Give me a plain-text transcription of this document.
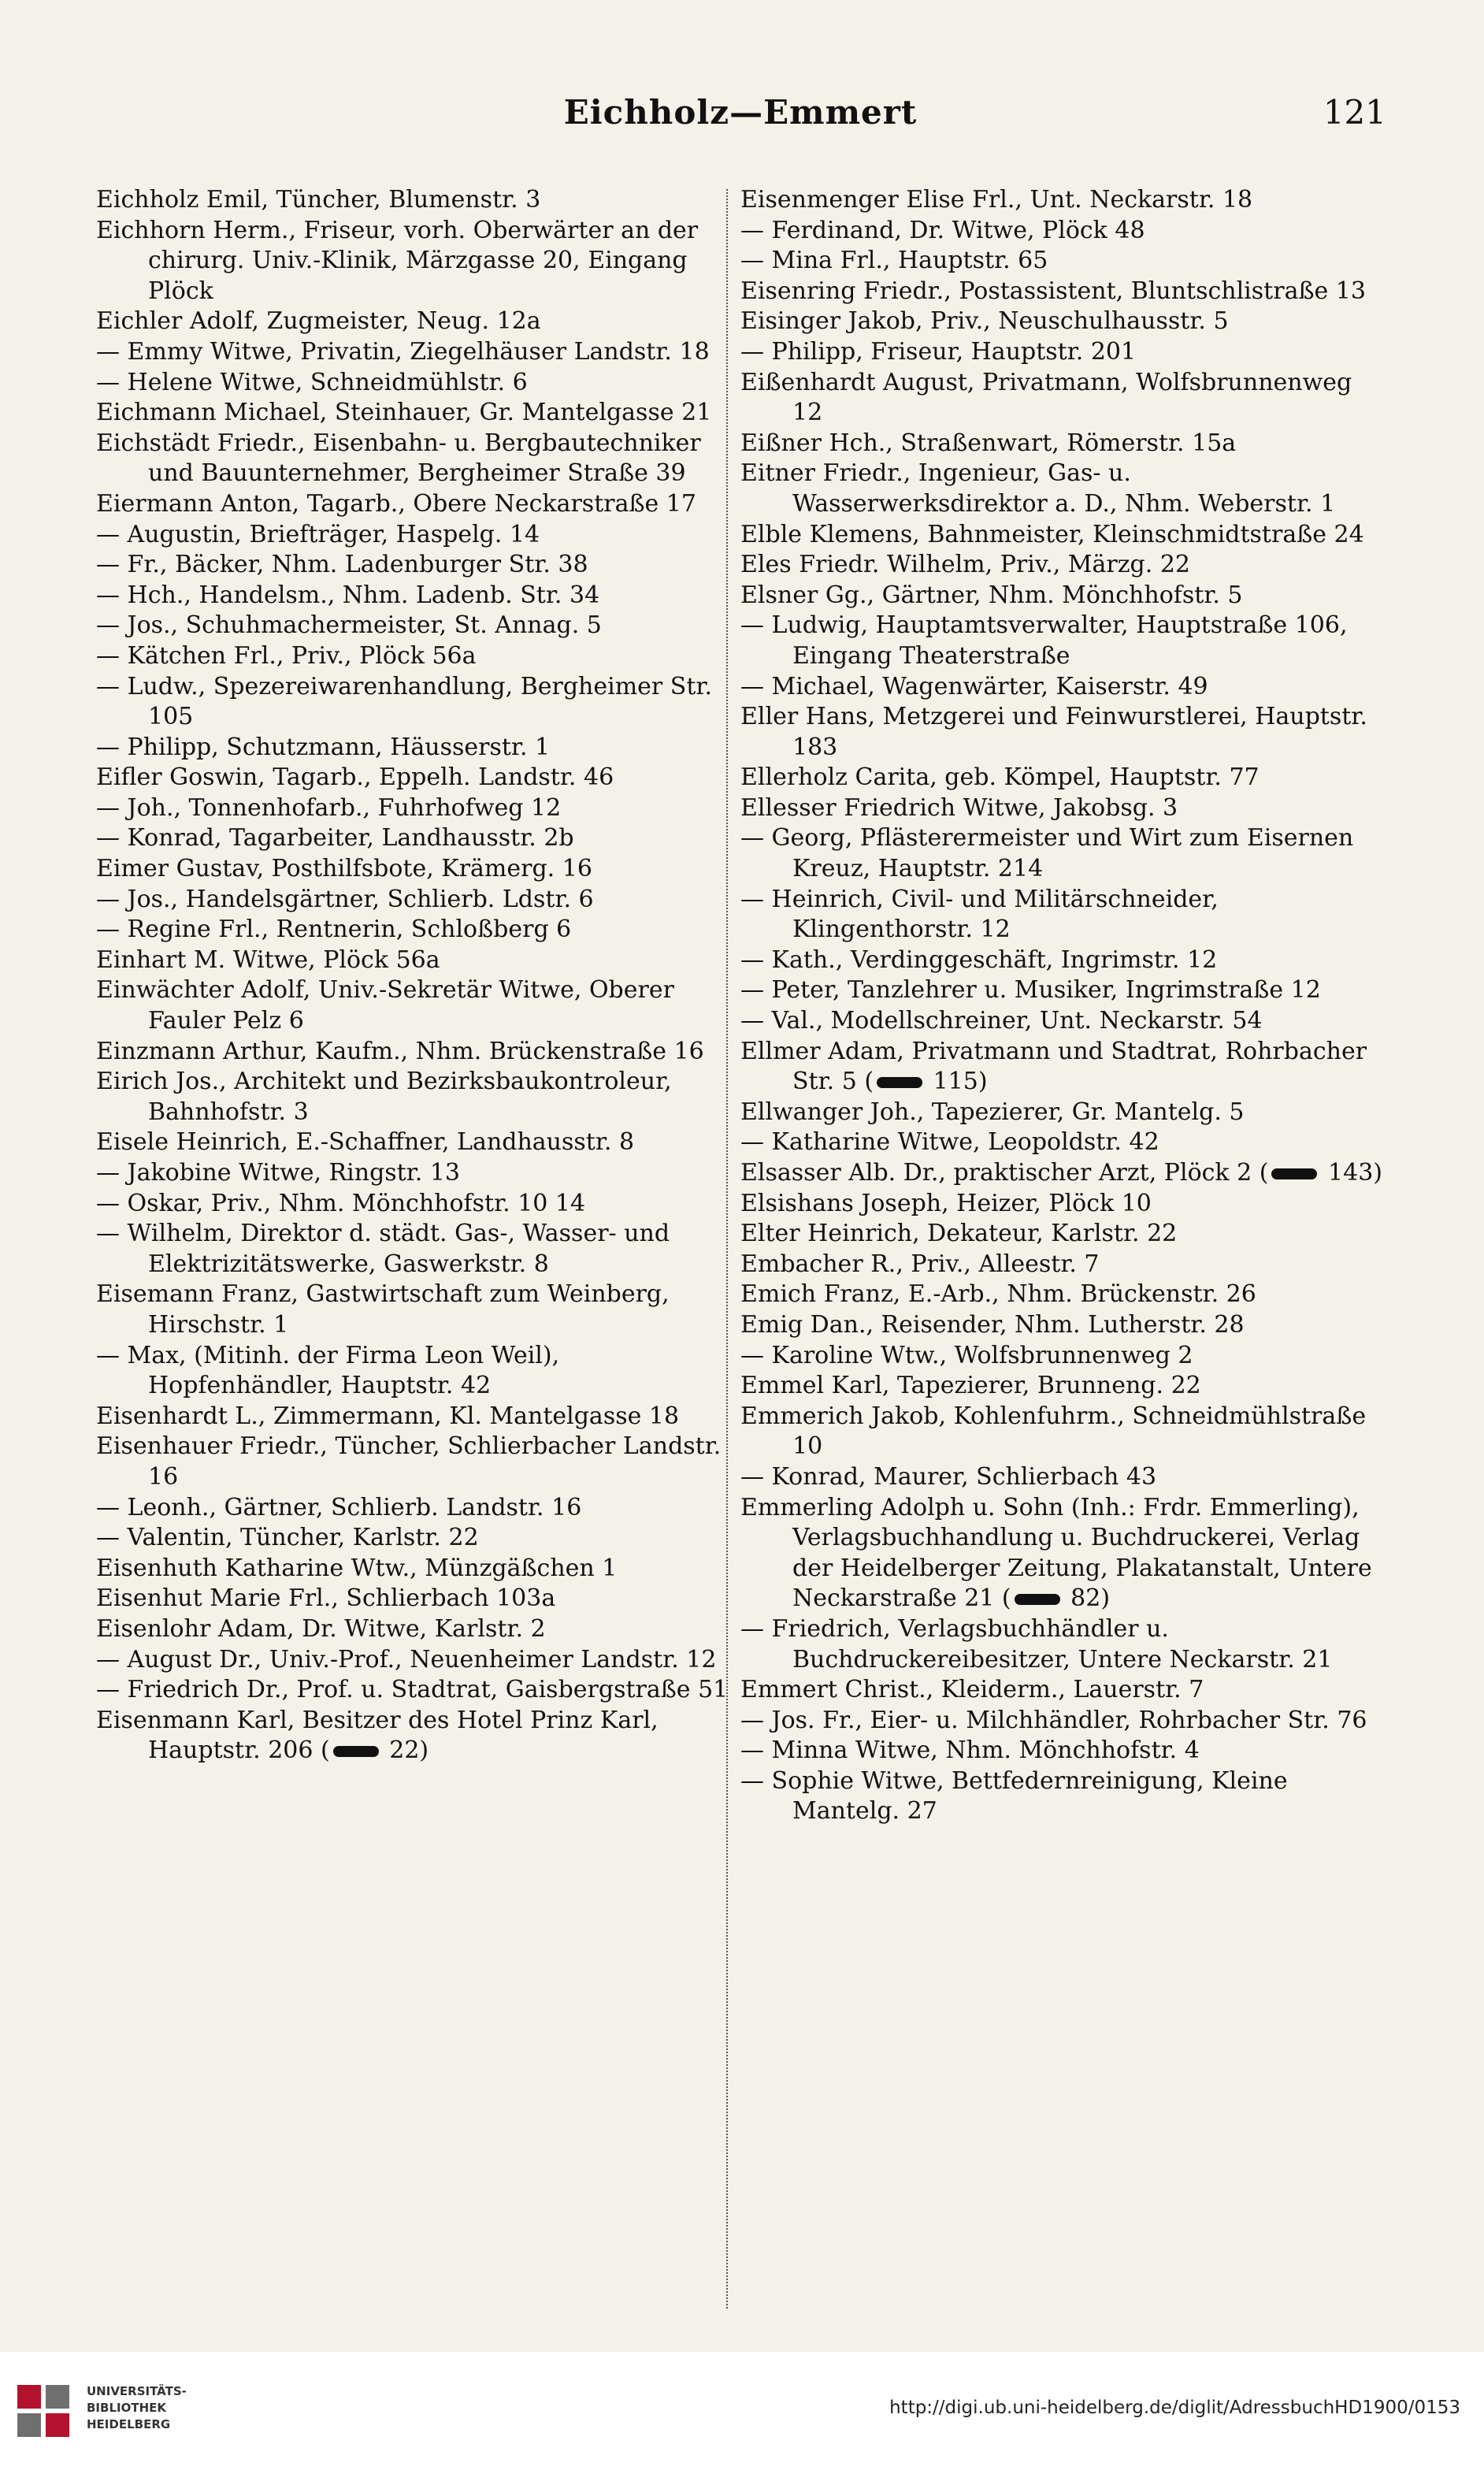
Eichholz—Emmert	121

Eichholz Emil, Tüncher, Blumenstr. 3

Eichhorn Herm., Friseur, vorh. Oberwärter an der chirurg. Univ.-Klinik, Märzgasse 20, Eingang Plöck

Eichler Adolf, Zugmeister, Neug. 12a

— Emmy Witwe, Privatin, Ziegelhäuser Landstr. 18

— Helene Witwe, Schneidmühlstr. 6

Eichmann Michael, Steinhauer, Gr. Mantelgasse 21

Eichstädt Friedr., Eisenbahn- u. Bergbautechniker und Bauunternehmer, Bergheimer Straße 39

Eiermann Anton, Tagarb., Obere Neckarstraße 17

— Augustin, Briefträger, Haspelg. 14

— Fr., Bäcker, Nhm. Ladenburger Str. 38

— Hch., Handelsm., Nhm. Ladenb. Str. 34

— Jos., Schuhmachermeister, St. Annag. 5

— Kätchen Frl., Priv., Plöck 56a

— Ludw., Spezereiwarenhandlung, Bergheimer Str. 105

— Philipp, Schutzmann, Häusserstr. 1

Eifler Goswin, Tagarb., Eppelh. Landstr. 46

— Joh., Tonnenhofarb., Fuhrhofweg 12

— Konrad, Tagarbeiter, Landhausstr. 2b

Eimer Gustav, Posthilfsbote, Krämerg. 16

— Jos., Handelsgärtner, Schlierb. Ldstr. 6

— Regine Frl., Rentnerin, Schloßberg 6

Einhart M. Witwe, Plöck 56a

Einwächter Adolf, Univ.-Sekretär Witwe, Oberer Fauler Pelz 6

Einzmann Arthur, Kaufm., Nhm. Brückenstraße 16

Eirich Jos., Architekt und Bezirksbaukontroleur, Bahnhofstr. 3

Eisele Heinrich, E.-Schaffner, Landhausstr. 8

— Jakobine Witwe, Ringstr. 13

— Oskar, Priv., Nhm. Mönchhofstr. 10 14

— Wilhelm, Direktor d. städt. Gas-, Wasser- und Elektrizitätswerke, Gaswerkstr. 8

Eisemann Franz, Gastwirtschaft zum Weinberg, Hirschstr. 1

— Max, (Mitinh. der Firma Leon Weil), Hopfenhändler, Hauptstr. 42

Eisenhardt L., Zimmermann, Kl. Mantelgasse 18

Eisenhauer Friedr., Tüncher, Schlierbacher Landstr. 16

— Leonh., Gärtner, Schlierb. Landstr. 16

— Valentin, Tüncher, Karlstr. 22

Eisenhuth Katharine Wtw., Münzgäßchen 1

Eisenhut Marie Frl., Schlierbach 103a

Eisenlohr Adam, Dr. Witwe, Karlstr. 2

— August Dr., Univ.-Prof., Neuenheimer Landstr. 12

— Friedrich Dr., Prof. u. Stadtrat, Gaisbergstraße 51

Eisenmann Karl, Besitzer des Hotel Prinz Karl, Hauptstr. 206 ( 22)

Eisenmenger Elise Frl., Unt. Neckarstr. 18

— Ferdinand, Dr. Witwe, Plöck 48

— Mina Frl., Hauptstr. 65

Eisenring Friedr., Postassistent, Bluntschlistraße 13

Eisinger Jakob, Priv., Neuschulhausstr. 5

— Philipp, Friseur, Hauptstr. 201

Eißenhardt August, Privatmann, Wolfsbrunnenweg 12

Eißner Hch., Straßenwart, Römerstr. 15a

Eitner Friedr., Ingenieur, Gas- u. Wasserwerksdirektor a. D., Nhm. Weberstr. 1

Elble Klemens, Bahnmeister, Kleinschmidtstraße 24

Eles Friedr. Wilhelm, Priv., Märzg. 22

Elsner Gg., Gärtner, Nhm. Mönchhofstr. 5

— Ludwig, Hauptamtsverwalter, Hauptstraße 106, Eingang Theaterstraße

— Michael, Wagenwärter, Kaiserstr. 49

Eller Hans, Metzgerei und Feinwurstlerei, Hauptstr. 183

Ellerholz Carita, geb. Kömpel, Hauptstr. 77

Ellesser Friedrich Witwe, Jakobsg. 3

— Georg, Pflästerermeister und Wirt zum Eisernen Kreuz, Hauptstr. 214

— Heinrich, Civil- und Militärschneider, Klingenthorstr. 12

— Kath., Verdinggeschäft, Ingrimstr. 12

— Peter, Tanzlehrer u. Musiker, Ingrimstraße 12

— Val., Modellschreiner, Unt. Neckarstr. 54

Ellmer Adam, Privatmann und Stadtrat, Rohrbacher Str. 5 ( 115)

Ellwanger Joh., Tapezierer, Gr. Mantelg. 5

— Katharine Witwe, Leopoldstr. 42

Elsasser Alb. Dr., praktischer Arzt, Plöck 2 ( 143)

Elsishans Joseph, Heizer, Plöck 10

Elter Heinrich, Dekateur, Karlstr. 22

Embacher R., Priv., Alleestr. 7

Emich Franz, E.-Arb., Nhm. Brückenstr. 26

Emig Dan., Reisender, Nhm. Lutherstr. 28

— Karoline Wtw., Wolfsbrunnenweg 2

Emmel Karl, Tapezierer, Brunneng. 22

Emmerich Jakob, Kohlenfuhrm., Schneidmühlstraße 10

— Konrad, Maurer, Schlierbach 43

Emmerling Adolph u. Sohn (Inh.: Frdr. Emmerling), Verlagsbuchhandlung u. Buchdruckerei, Verlag der Heidelberger Zeitung, Plakatanstalt, Untere Neckarstraße 21 ( 82)

— Friedrich, Verlagsbuchhändler u. Buchdruckereibesitzer, Untere Neckarstr. 21

Emmert Christ., Kleiderm., Lauerstr. 7

— Jos. Fr., Eier- u. Milchhändler, Rohrbacher Str. 76

— Minna Witwe, Nhm. Mönchhofstr. 4

— Sophie Witwe, Bettfedernreinigung, Kleine Mantelg. 27

UNIVERSITÄTS-
BIBLIOTHEK
HEIDELBERG
http://digi.ub.uni-heidelberg.de/diglit/AdressbuchHD1900/0153
